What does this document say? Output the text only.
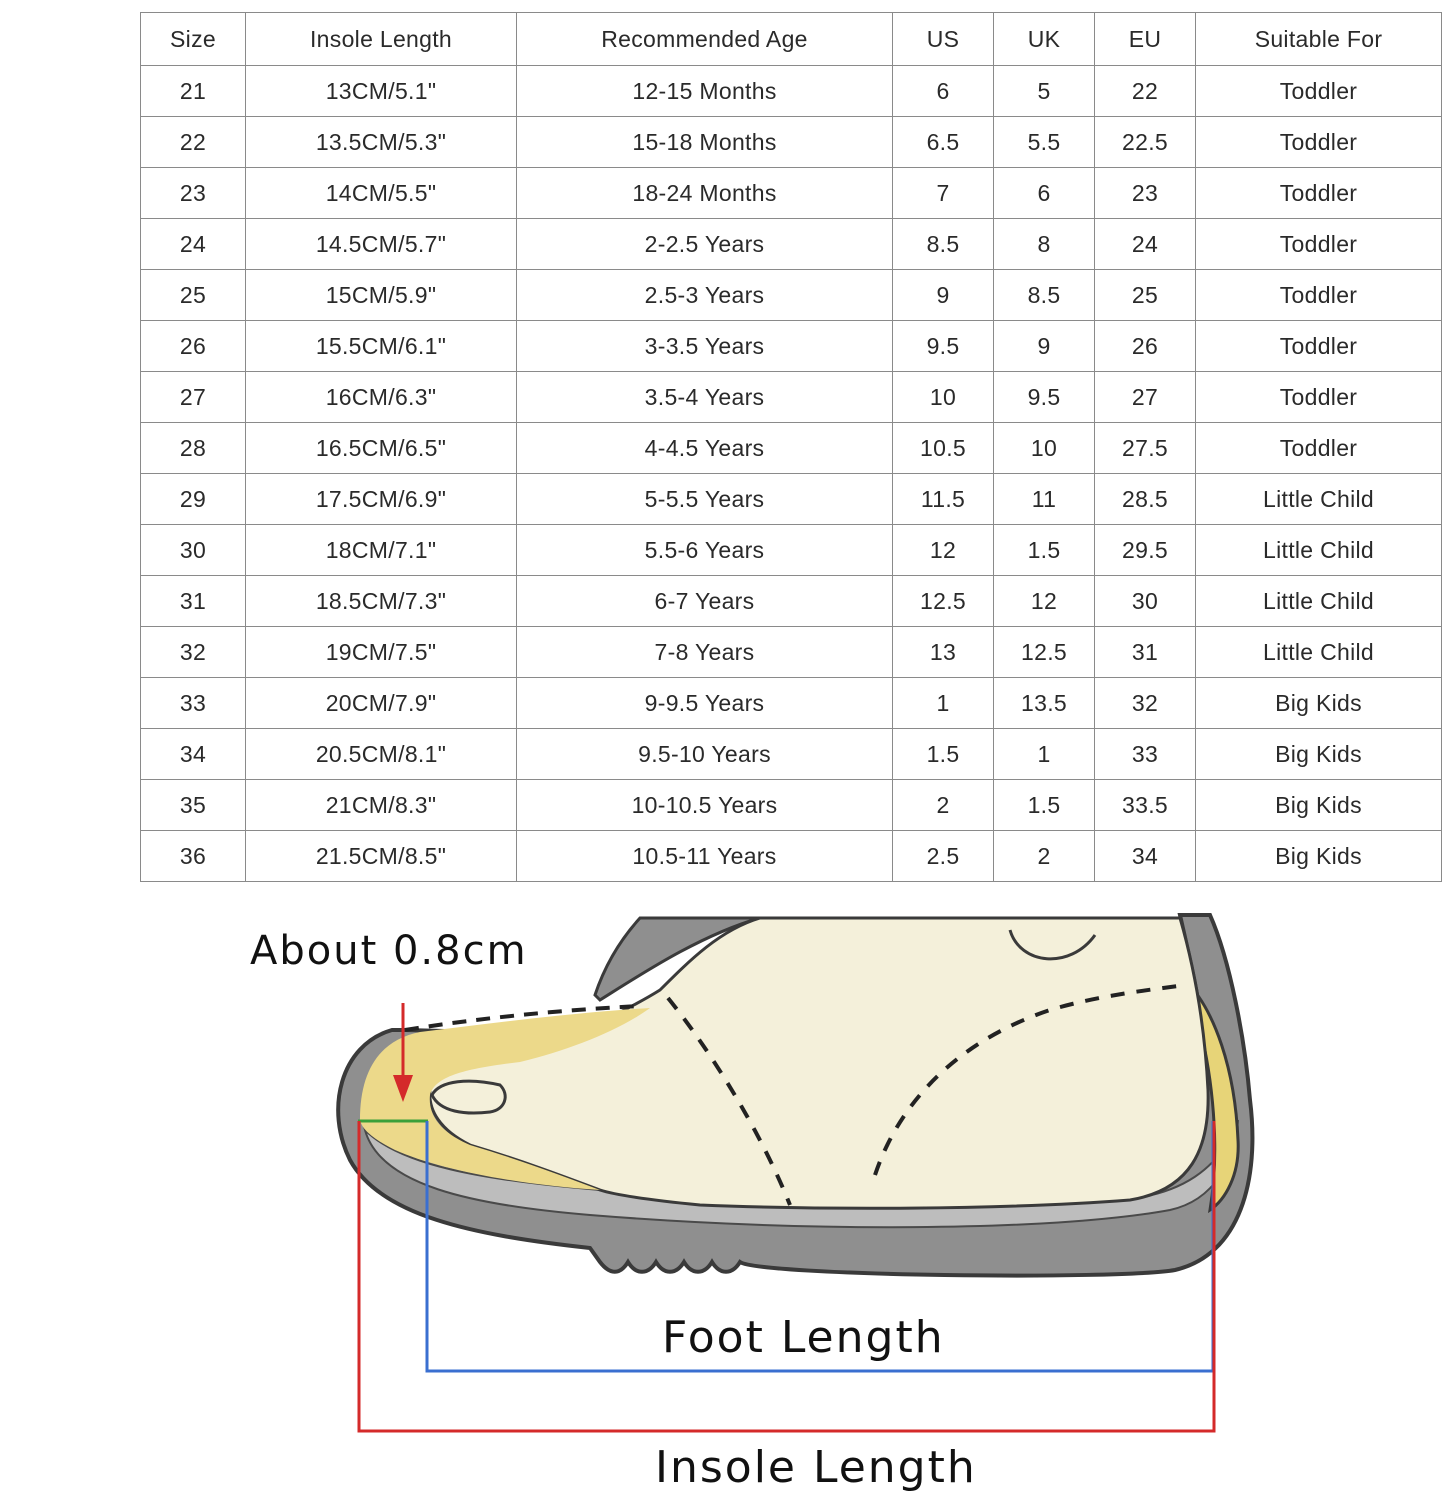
Size	Insole Length	Recommended Age	US	UK	EU	Suitable For
21	13CM/5.1"	12-15 Months	6	5	22	Toddler
22	13.5CM/5.3"	15-18 Months	6.5	5.5	22.5	Toddler
23	14CM/5.5"	18-24 Months	7	6	23	Toddler
24	14.5CM/5.7"	2-2.5 Years	8.5	8	24	Toddler
25	15CM/5.9"	2.5-3 Years	9	8.5	25	Toddler
26	15.5CM/6.1"	3-3.5 Years	9.5	9	26	Toddler
27	16CM/6.3"	3.5-4 Years	10	9.5	27	Toddler
28	16.5CM/6.5"	4-4.5 Years	10.5	10	27.5	Toddler
29	17.5CM/6.9"	5-5.5 Years	11.5	11	28.5	Little Child
30	18CM/7.1"	5.5-6 Years	12	1.5	29.5	Little Child
31	18.5CM/7.3"	6-7 Years	12.5	12	30	Little Child
32	19CM/7.5"	7-8 Years	13	12.5	31	Little Child
33	20CM/7.9"	9-9.5 Years	1	13.5	32	Big Kids
34	20.5CM/8.1"	9.5-10 Years	1.5	1	33	Big Kids
35	21CM/8.3"	10-10.5 Years	2	1.5	33.5	Big Kids
36	21.5CM/8.5"	10.5-11 Years	2.5	2	34	Big Kids
About 0.8cm
Foot Length
Insole Length
